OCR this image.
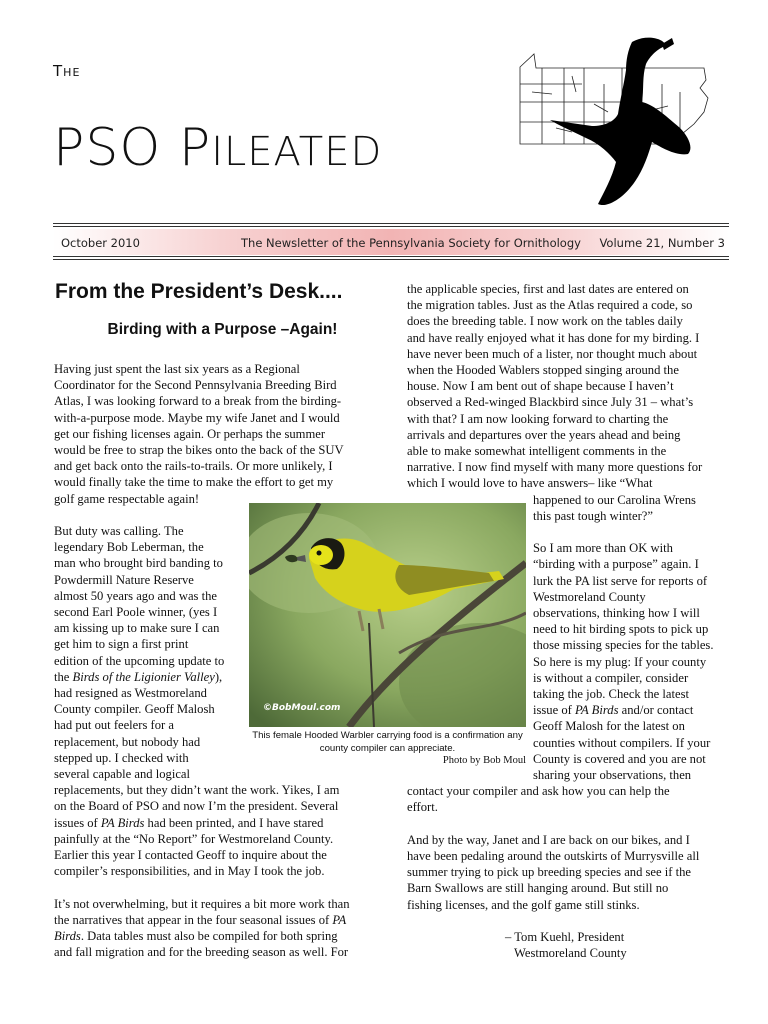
THE
PSO PILEATED
October 2010	The Newsletter of the Pennsylvania Society for Ornithology Volume 21, Number 3
From the President’s Desk....
Birding with a Purpose –Again!
Having just spent the last six years as a Regional
Coordinator for the Second Pennsylvania Breeding Bird
Atlas, I was looking forward to a break from the birding-
with-a-purpose mode. Maybe my wife Janet and I would
get our fishing licenses again. Or perhaps the summer
would be free to strap the bikes onto the back of the SUV
and get back onto the rails-to-trails. Or more unlikely, I
would finally take the time to make the effort to get my
golf game respectable again!
But duty was calling. The
legendary Bob Leberman, the
man who brought bird banding to
Powdermill Nature Reserve
almost 50 years ago and was the
second Earl Poole winner, (yes I
am kissing up to make sure I can
get him to sign a first print
edition of the upcoming update to
the Birds of the Ligionier Valley),
had resigned as Westmoreland
County compiler. Geoff Malosh
had put out feelers for a
replacement, but nobody had
stepped up. I checked with
several capable and logical
replacements, but they didn’t want the work. Yikes, I am
on the Board of PSO and now I’m the president. Several
issues of PA Birds had been printed, and I have stared
painfully at the “No Report” for Westmoreland County.
Earlier this year I contacted Geoff to inquire about the
compiler’s responsibilities, and in May I took the job.
It’s not overwhelming, but it requires a bit more work than
the narratives that appear in the four seasonal issues of PA
Birds. Data tables must also be compiled for both spring
and fall migration and for the breeding season as well. For
the applicable species, first and last dates are entered on
the migration tables. Just as the Atlas required a code, so
does the breeding table. I now work on the tables daily
and have really enjoyed what it has done for my birding. I
have never been much of a lister, nor thought much about
when the Hooded Wablers stopped singing around the
house. Now I am bent out of shape because I haven’t
observed a Red-winged Blackbird since July 31 – what’s
with that? I am now looking forward to charting the
arrivals and departures over the years ahead and being
able to make somewhat intelligent comments in the
narrative. I now find myself with many more questions for
which I would love to have answers– like “What
happened to our Carolina Wrens
this past tough winter?”
So I am more than OK with
“birding with a purpose” again. I
lurk the PA list serve for reports of
Westmoreland County
observations, thinking how I will
need to hit birding spots to pick up
those missing species for the tables.
So here is my plug: If your county
is without a compiler, consider
taking the job. Check the latest
issue of PA Birds and/or contact
Geoff Malosh for the latest on
counties without compilers. If your
County is covered and you are not
sharing your observations, then
contact your compiler and ask how you can help the
effort.
And by the way, Janet and I are back on our bikes, and I
have been pedaling around the outskirts of Murrysville all
summer trying to pick up breeding species and see if the
Barn Swallows are still hanging around. But still no
fishing licenses, and the golf game still stinks.
– Tom Kuehl, President
Westmoreland County
©BobMoul.com
This female Hooded Warbler carrying food is a confirmation any county compiler can appreciate.
Photo by Bob Moul
